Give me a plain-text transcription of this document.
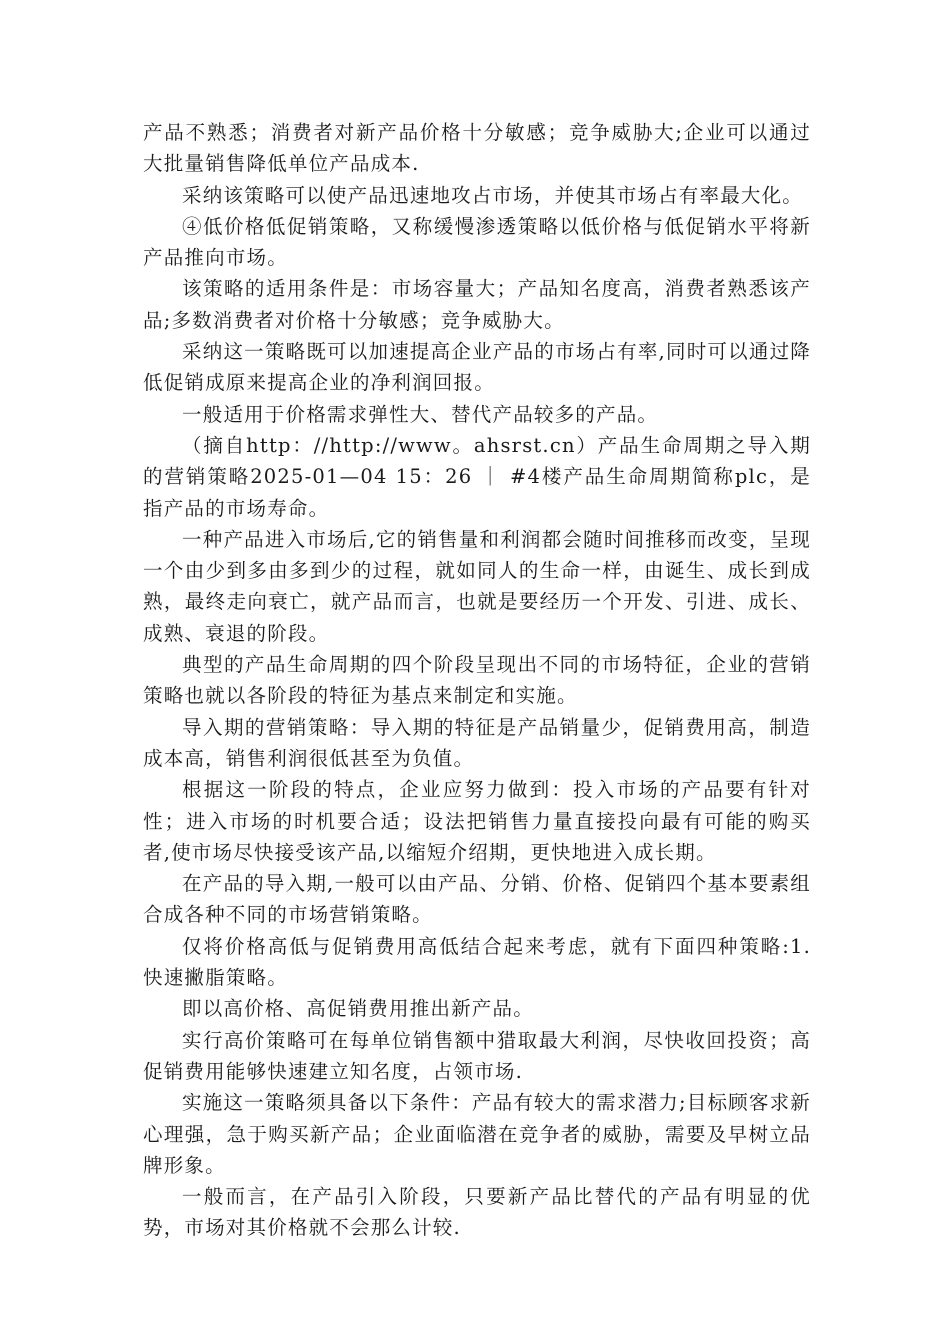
产品不熟悉；消费者对新产品价格十分敏感；竞争威胁大;企业可以通过大批量销售降低单位产品成本.

采纳该策略可以使产品迅速地攻占市场，并使其市场占有率最大化。

④低价格低促销策略，又称缓慢渗透策略以低价格与低促销水平将新产品推向市场。

该策略的适用条件是：市场容量大；产品知名度高，消费者熟悉该产品;多数消费者对价格十分敏感；竞争威胁大。

采纳这一策略既可以加速提高企业产品的市场占有率,同时可以通过降低促销成原来提高企业的净利润回报。

一般适用于价格需求弹性大、替代产品较多的产品。

（摘自http：//http://www。ahsrst.cn）产品生命周期之导入期的营销策略2025-01—04 15：26 ｜ #4楼产品生命周期简称plc，是指产品的市场寿命。

一种产品进入市场后,它的销售量和利润都会随时间推移而改变，呈现一个由少到多由多到少的过程，就如同人的生命一样，由诞生、成长到成熟，最终走向衰亡，就产品而言，也就是要经历一个开发、引进、成长、成熟、衰退的阶段。

典型的产品生命周期的四个阶段呈现出不同的市场特征，企业的营销策略也就以各阶段的特征为基点来制定和实施。

导入期的营销策略：导入期的特征是产品销量少，促销费用高，制造成本高，销售利润很低甚至为负值。

根据这一阶段的特点，企业应努力做到：投入市场的产品要有针对性；进入市场的时机要合适；设法把销售力量直接投向最有可能的购买者,使市场尽快接受该产品,以缩短介绍期，更快地进入成长期。

在产品的导入期,一般可以由产品、分销、价格、促销四个基本要素组合成各种不同的市场营销策略。

仅将价格高低与促销费用高低结合起来考虑，就有下面四种策略:1.快速撇脂策略。

即以高价格、高促销费用推出新产品。

实行高价策略可在每单位销售额中猎取最大利润，尽快收回投资；高促销费用能够快速建立知名度，占领市场.

实施这一策略须具备以下条件：产品有较大的需求潜力;目标顾客求新心理强，急于购买新产品；企业面临潜在竞争者的威胁，需要及早树立品牌形象。

一般而言，在产品引入阶段，只要新产品比替代的产品有明显的优势，市场对其价格就不会那么计较.
